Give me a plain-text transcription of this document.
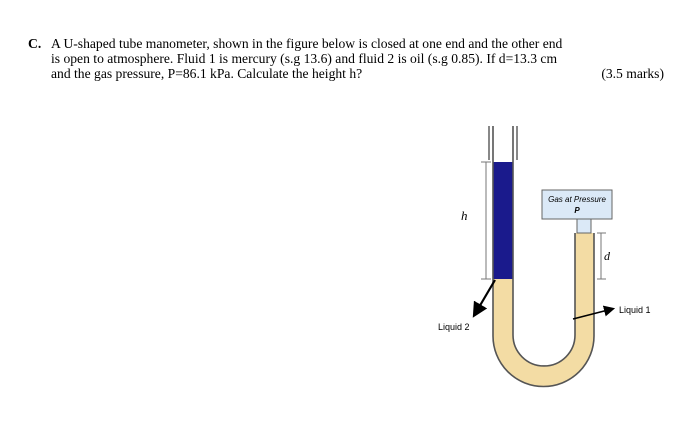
C. A U-shaped tube manometer, shown in the figure below is closed at one end and the other end
is open to atmosphere. Fluid 1 is mercury (s.g 13.6) and fluid 2 is oil (s.g 0.85). If d=13.3 cm
and the gas pressure, P=86.1 kPa. Calculate the height h?	(3.5 marks)
Gas at Pressure
P
h
d
Liquid 2
Liquid 1
